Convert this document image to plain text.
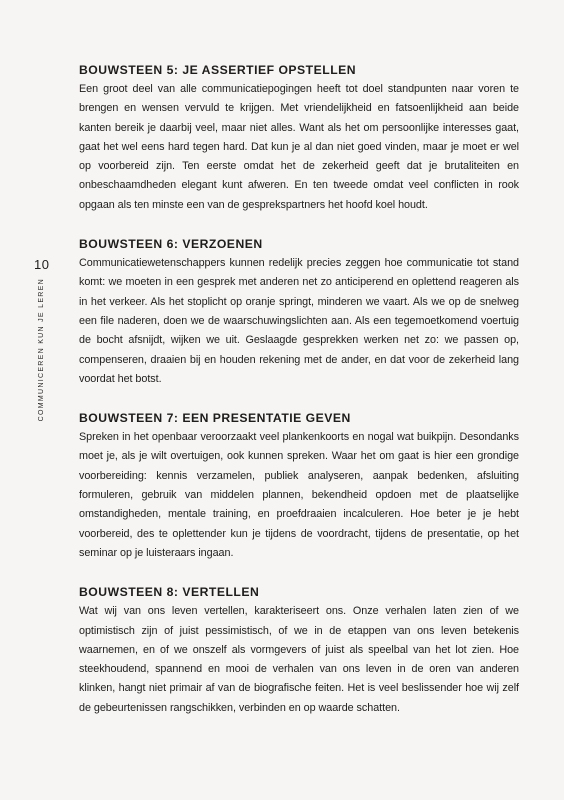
10
COMMUNICEREN KUN JE LEREN
BOUWSTEEN 5: JE ASSERTIEF OPSTELLEN

Een groot deel van alle communicatiepogingen heeft tot doel standpunten naar voren te brengen en wensen vervuld te krijgen. Met vriendelijkheid en fatsoenlijkheid aan beide kanten bereik je daarbij veel, maar niet alles. Want als het om persoonlijke interesses gaat, gaat het wel eens hard tegen hard. Dat kun je al dan niet goed vinden, maar je moet er wel op voorbereid zijn. Ten eerste omdat het de zekerheid geeft dat je brutaliteiten en onbeschaamdheden elegant kunt afweren. En ten tweede omdat veel conflicten in rook opgaan als ten minste een van de gesprekspartners het hoofd koel houdt.

BOUWSTEEN 6: VERZOENEN

Communicatiewetenschappers kunnen redelijk precies zeggen hoe communicatie tot stand komt: we moeten in een gesprek met anderen net zo anticiperend en oplettend reageren als in het verkeer. Als het stoplicht op oranje springt, minderen we vaart. Als we op de snelweg een file naderen, doen we de waarschuwingslichten aan. Als een tegemoetkomend voertuig de bocht afsnijdt, wijken we uit. Geslaagde gesprekken werken net zo: we passen op, compenseren, draaien bij en houden rekening met de ander, en dat voor de zekerheid lang voordat het botst.

BOUWSTEEN 7: EEN PRESENTATIE GEVEN

Spreken in het openbaar veroorzaakt veel plankenkoorts en nogal wat buikpijn. Desondanks moet je, als je wilt overtuigen, ook kunnen spreken. Waar het om gaat is hier een grondige voorbereiding: kennis verzamelen, publiek analyseren, aanpak bedenken, afsluiting formuleren, gebruik van middelen plannen, bekendheid opdoen met de plaatselijke omstandigheden, mentale training, en proefdraaien incalculeren. Hoe beter je je hebt voorbereid, des te oplettender kun je tijdens de voordracht, tijdens de presentatie, op het seminar op je luisteraars ingaan.

BOUWSTEEN 8: VERTELLEN

Wat wij van ons leven vertellen, karakteriseert ons. Onze verhalen laten zien of we optimistisch zijn of juist pessimistisch, of we in de etappen van ons leven betekenis waarnemen, en of we onszelf als vormgevers of juist als speelbal van het lot zien. Hoe steekhoudend, spannend en mooi de verhalen van ons leven in de oren van anderen klinken, hangt niet primair af van de biografische feiten. Het is veel beslissender hoe wij zelf de gebeurtenissen rangschikken, verbinden en op waarde schatten.
